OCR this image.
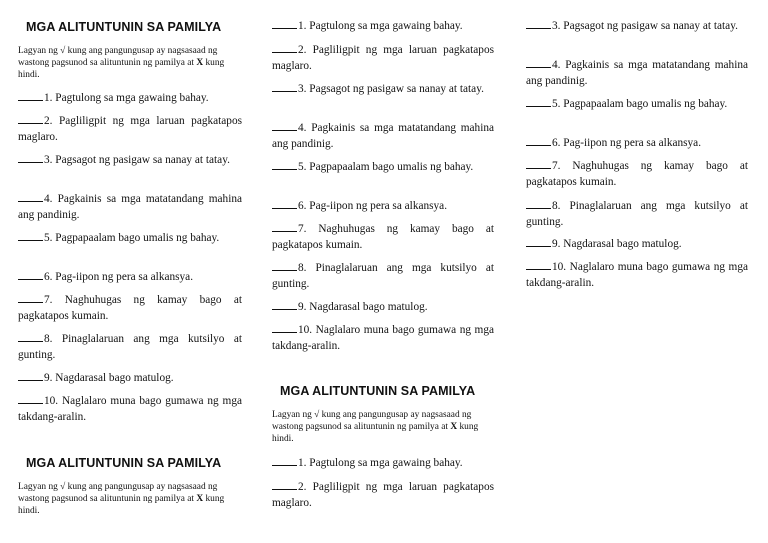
MGA ALITUNTUNIN SA PAMILYA
Lagyan ng √ kung ang pangungusap ay nagsasaad ng wastong pagsunod sa alituntunin ng pamilya at X kung hindi.
1. Pagtulong sa mga gawaing bahay.
2. Pagliligpit ng mga laruan pagkatapos maglaro.
3. Pagsagot ng pasigaw sa nanay at tatay.
4. Pagkainis sa mga matatandang mahina ang pandinig.
5. Pagpapaalam bago umalis ng bahay.
6. Pag-iipon ng pera sa alkansya.
7. Naghuhugas ng kamay bago at pagkatapos kumain.
8. Pinaglalaruan ang mga kutsilyo at gunting.
9. Nagdarasal bago matulog.
10. Naglalaro muna bago gumawa ng mga takdang-aralin.
MGA ALITUNTUNIN SA PAMILYA
Lagyan ng √ kung ang pangungusap ay nagsasaad ng wastong pagsunod sa alituntunin ng pamilya at X kung hindi.
1. Pagtulong sa mga gawaing bahay.
2. Pagliligpit ng mga laruan pagkatapos maglaro.
3. Pagsagot ng pasigaw sa nanay at tatay.
4. Pagkainis sa mga matatandang mahina ang pandinig.
5. Pagpapaalam bago umalis ng bahay.
6. Pag-iipon ng pera sa alkansya.
7. Naghuhugas ng kamay bago at pagkatapos kumain.
8. Pinaglalaruan ang mga kutsilyo at gunting.
9. Nagdarasal bago matulog.
10. Naglalaro muna bago gumawa ng mga takdang-aralin.
MGA ALITUNTUNIN SA PAMILYA
Lagyan ng √ kung ang pangungusap ay nagsasaad ng wastong pagsunod sa alituntunin ng pamilya at X kung hindi.
1. Pagtulong sa mga gawaing bahay.
2. Pagliligpit ng mga laruan pagkatapos maglaro.
3. Pagsagot ng pasigaw sa nanay at tatay.
4. Pagkainis sa mga matatandang mahina ang pandinig.
5. Pagpapaalam bago umalis ng bahay.
6. Pag-iipon ng pera sa alkansya.
7. Naghuhugas ng kamay bago at pagkatapos kumain.
8. Pinaglalaruan ang mga kutsilyo at gunting.
9. Nagdarasal bago matulog.
10. Naglalaro muna bago gumawa ng mga takdang-aralin.
